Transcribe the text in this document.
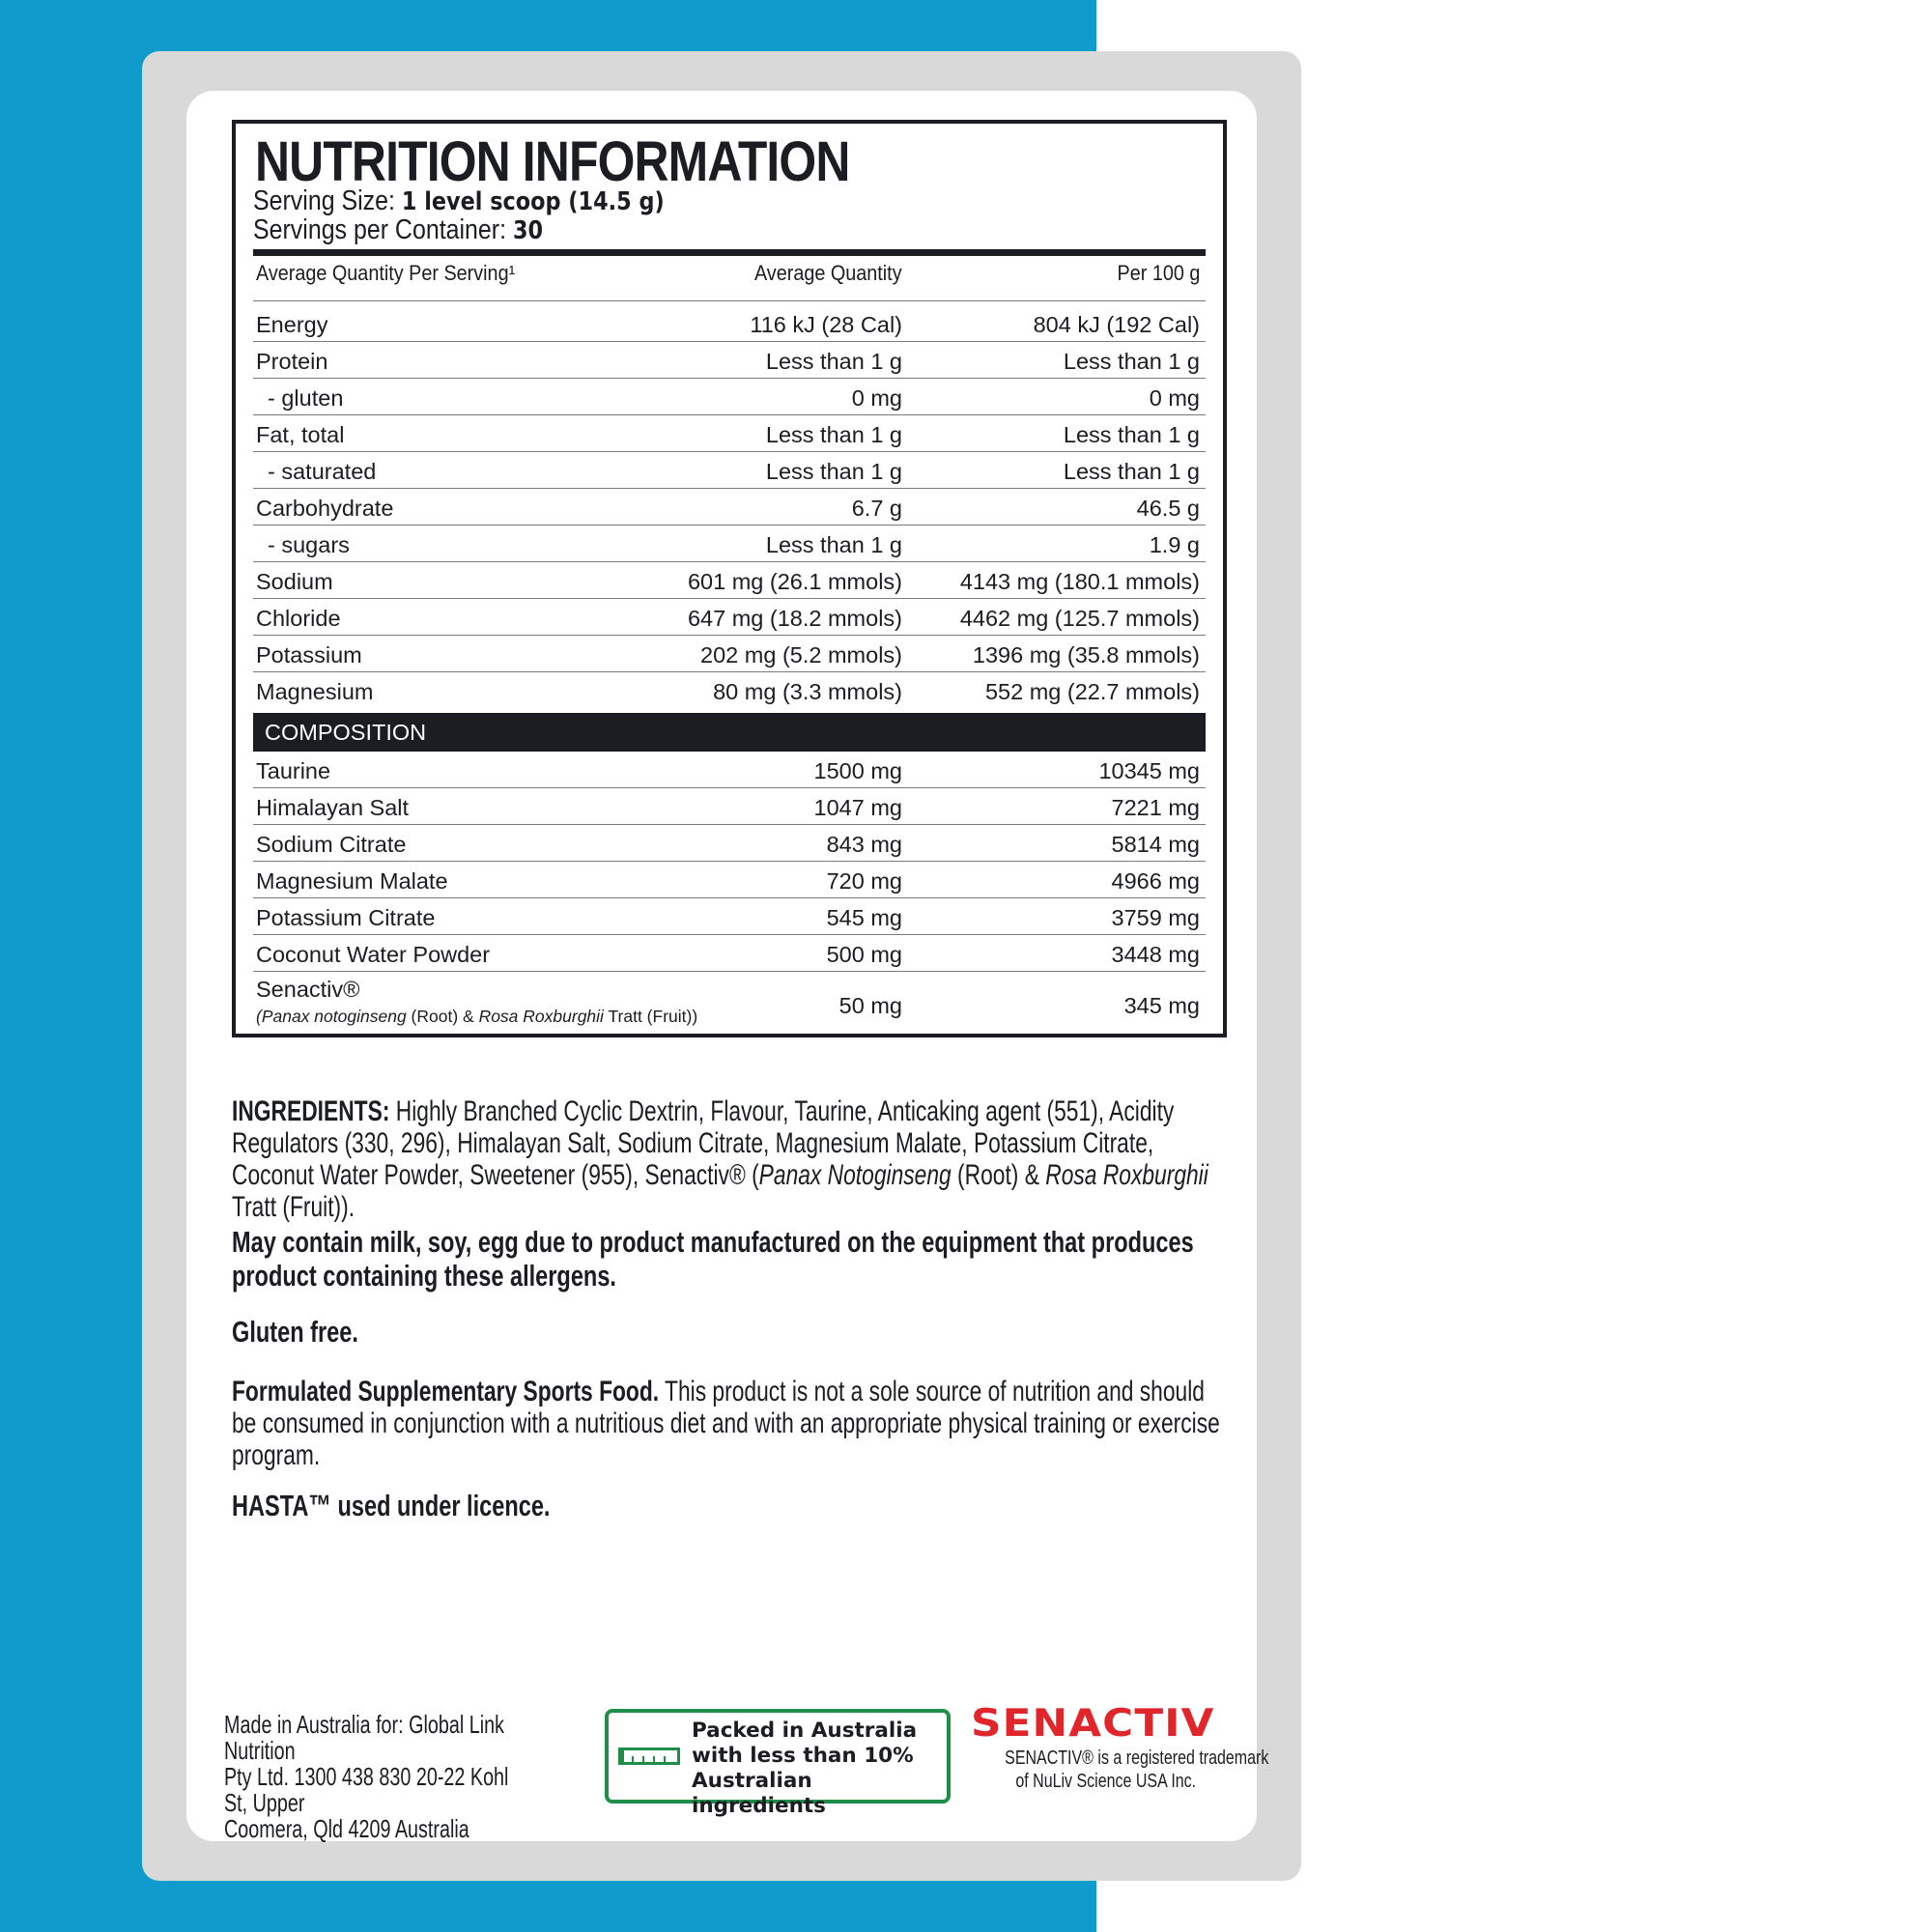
NUTRITION INFORMATION
Serving Size: 1 level scoop (14.5 g)
Servings per Container: 30
Average Quantity Per Serving¹	Average Quantity	Per 100 g
Energy	116 kJ (28 Cal)	804 kJ (192 Cal)
Protein	Less than 1 g	Less than 1 g
- gluten	0 mg	0 mg
Fat, total	Less than 1 g	Less than 1 g
- saturated	Less than 1 g	Less than 1 g
Carbohydrate	6.7 g	46.5 g
- sugars	Less than 1 g	1.9 g
Sodium	601 mg (26.1 mmols)	4143 mg (180.1 mmols)
Chloride	647 mg (18.2 mmols)	4462 mg (125.7 mmols)
Potassium	202 mg (5.2 mmols)	1396 mg (35.8 mmols)
Magnesium	80 mg (3.3 mmols)	552 mg (22.7 mmols)
COMPOSITION
Taurine	1500 mg	10345 mg
Himalayan Salt	1047 mg	7221 mg
Sodium Citrate	843 mg	5814 mg
Magnesium Malate	720 mg	4966 mg
Potassium Citrate	545 mg	3759 mg
Coconut Water Powder	500 mg	3448 mg
Senactiv®
(Panax notoginseng (Root) & Rosa Roxburghii Tratt (Fruit))	50 mg	345 mg
INGREDIENTS: Highly Branched Cyclic Dextrin, Flavour, Taurine, Anticaking agent (551), Acidity Regulators (330, 296), Himalayan Salt, Sodium Citrate, Magnesium Malate, Potassium Citrate, Coconut Water Powder, Sweetener (955), Senactiv® (Panax Notoginseng (Root) & Rosa Roxburghii Tratt (Fruit)).
May contain milk, soy, egg due to product manufactured on the equipment that produces product containing these allergens.
Gluten free.
Formulated Supplementary Sports Food. This product is not a sole source of nutrition and should be consumed in conjunction with a nutritious diet and with an appropriate physical training or exercise program.
HASTA™ used under licence.
Made in Australia for: Global Link Nutrition
Pty Ltd. 1300 438 830 20-22 Kohl St, Upper
Coomera, Qld 4209 Australia
Packed in Australia
with less than 10%
Australian ingredients
SENACTIV
SENACTIV® is a registered trademark
of NuLiv Science USA Inc.
